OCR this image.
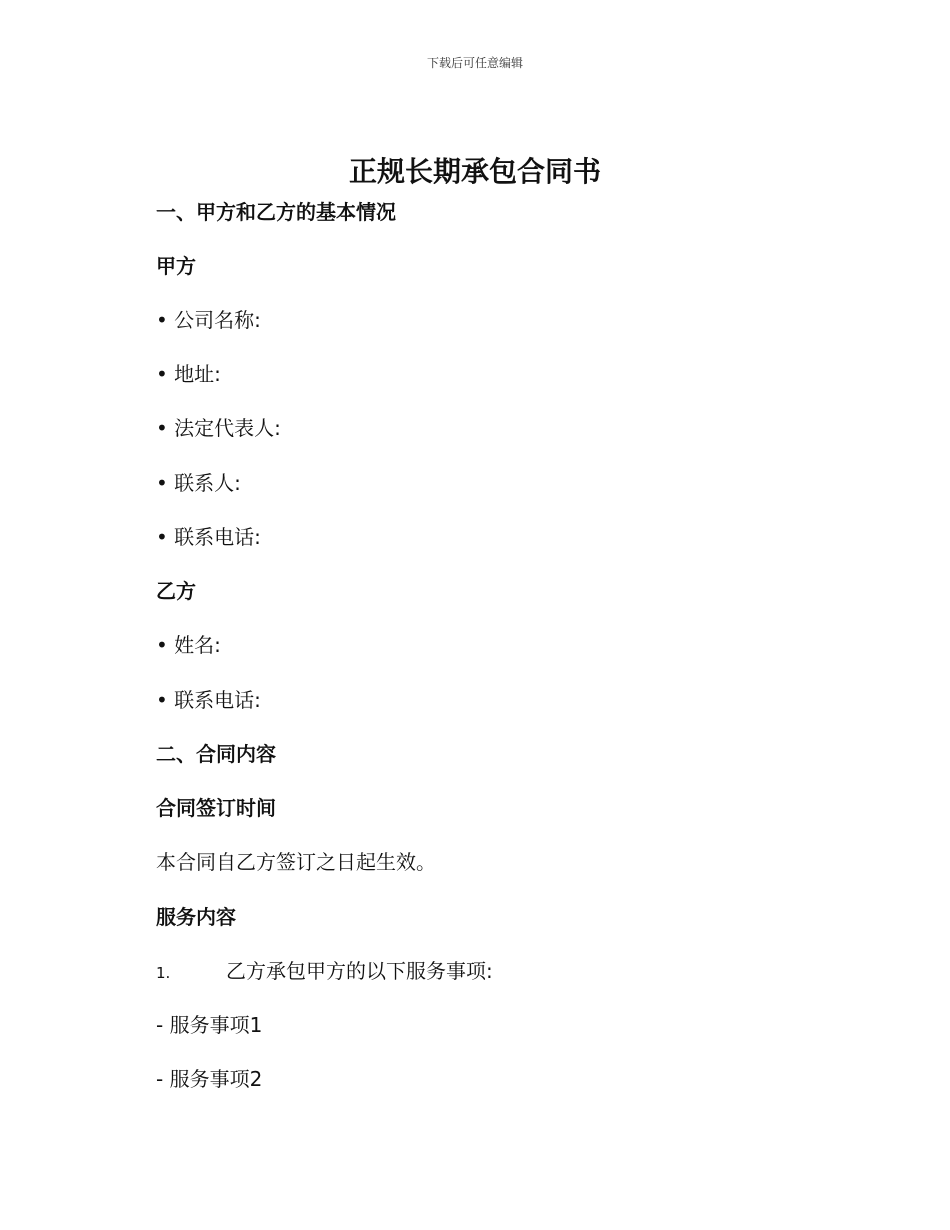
下载后可任意编辑
正规长期承包合同书
一、甲方和乙方的基本情况
甲方
• 公司名称:
• 地址:
• 法定代表人:
• 联系人:
• 联系电话:
乙方
• 姓名:
• 联系电话:
二、合同内容
合同签订时间
本合同自乙方签订之日起生效。
服务内容
1.	乙方承包甲方的以下服务事项:
- 服务事项1
- 服务事项2
